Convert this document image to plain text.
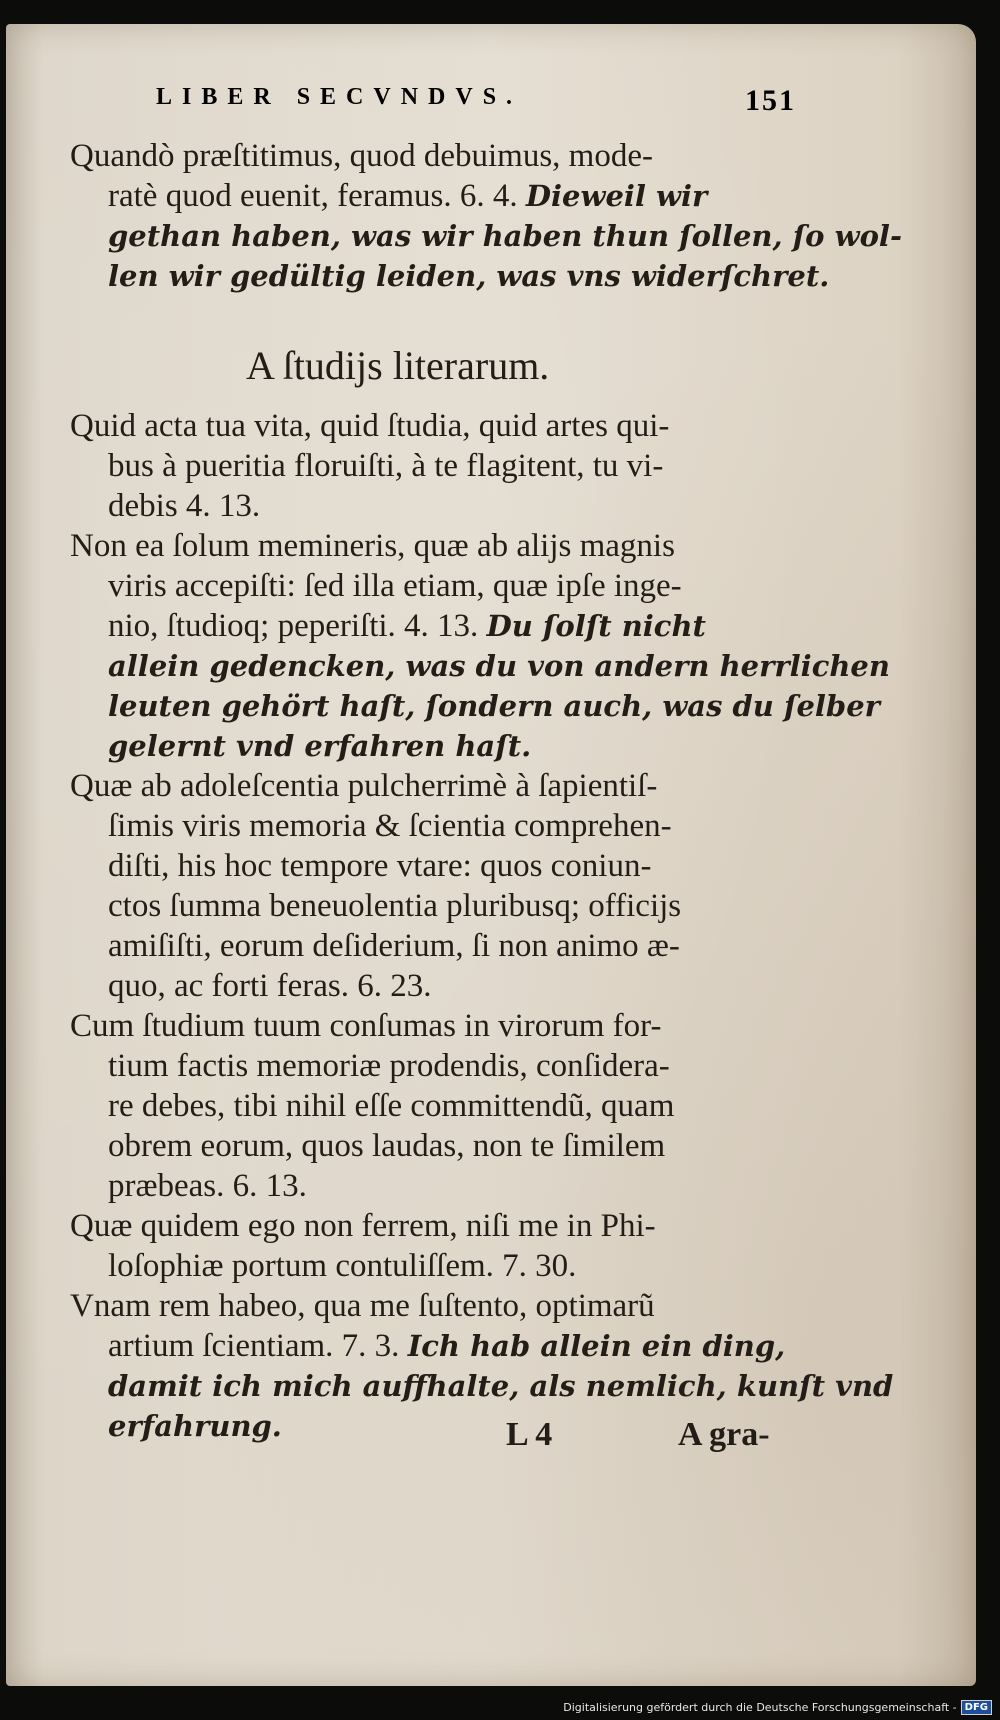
LIBER SECVNDVS.	151
Quandò præſtitimus, quod debuimus, mode-
ratè quod euenit, feramus. 6. 4. Dieweil wir
gethan haben, was wir haben thun ſollen, ſo wol-
len wir gedültig leiden, was vns widerſchret.
A ſtudijs literarum.
Quid acta tua vita, quid ſtudia, quid artes qui-
bus à pueritia floruiſti, à te flagitent, tu vi-
debis 4. 13.
Non ea ſolum memineris, quæ ab alijs magnis
viris accepiſti: ſed illa etiam, quæ ipſe inge-
nio, ſtudioq; peperiſti. 4. 13. Du ſolſt nicht
allein gedencken, was du von andern herrlichen
leuten gehört haſt, ſondern auch, was du ſelber
gelernt vnd erfahren haſt.
Quæ ab adoleſcentia pulcherrimè à ſapientiſ-
ſimis viris memoria & ſcientia comprehen-
diſti, his hoc tempore vtare: quos coniun-
ctos ſumma beneuolentia pluribusq; officijs
amiſiſti, eorum deſiderium, ſi non animo æ-
quo, ac forti feras. 6. 23.
Cum ſtudium tuum conſumas in virorum for-
tium factis memoriæ prodendis, conſidera-
re debes, tibi nihil eſſe committendũ, quam
obrem eorum, quos laudas, non te ſimilem
præbeas. 6. 13.
Quæ quidem ego non ferrem, niſi me in Phi-
loſophiæ portum contuliſſem. 7. 30.
Vnam rem habeo, qua me ſuſtento, optimarũ
artium ſcientiam. 7. 3. Ich hab allein ein ding,
damit ich mich auffhalte, als nemlich, kunſt vnd
erfahrung.	L 4	A gra-
Digitalisierung gefördert durch die Deutsche Forschungsgemeinschaft - DFG
